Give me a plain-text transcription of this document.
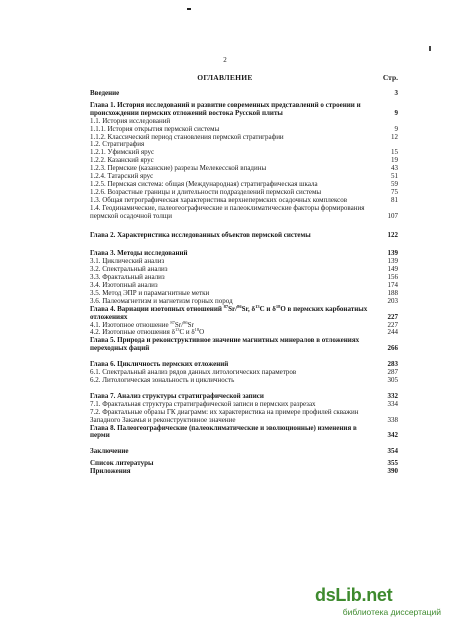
2
ОГЛАВЛЕНИЕ	Стр.
Введение	3
Глава 1. История исследований и развитие современных представлений о строении и происхождении пермских отложений востока Русской плиты	9
1.1. История исследований
1.1.1. История открытия пермской системы	9
1.1.2. Классический период становления пермской стратиграфии	12
1.2. Стратиграфия
1.2.1. Уфимский ярус	15
1.2.2. Казанский ярус	19
1.2.3. Пермские (казанские) разрезы Мелекесской впадины	43
1.2.4. Татарский ярус	51
1.2.5. Пермская система: общая (Международная) стратиграфическая шкала	59
1.2.6. Возрастные границы и длительности подразделений пермской системы	75
1.3. Общая петрографическая характеристика верхнепермских осадочных комплексов	81
1.4. Геодинамические, палеогеографические и палеоклиматические факторы формирования пермской осадочной толщи	107
Глава 2. Характеристика исследованных объектов пермской системы	122
Глава 3. Методы исследований	139
3.1. Циклический анализ	139
3.2. Спектральный анализ	149
3.3. Фрактальный анализ	156
3.4. Изотопный анализ	174
3.5. Метод ЭПР и парамагнитные метки	188
3.6. Палеомагнетизм и магнетизм горных пород	203
Глава 4. Вариации изотопных отношений $^{87}$Sr/$^{86}$Sr, $\delta^{13}C$ и $\delta^{18}O$ в пермских карбонатных отложениях	227
4.1. Изотопное отношение $^{87}$Sr/$^{86}$Sr	227
4.2. Изотопные отношения $\delta^{13}C$ и $\delta^{18}O$	244
Глава 5. Природа и реконструктивное значение магнитных минералов в отложениях переходных фаций	266
Глава 6. Цикличность пермских отложений	283
6.1. Спектральный анализ рядов данных литологических параметров	287
6.2. Литологическая зональность и цикличность	305
Глава 7. Анализ структуры стратиграфической записи	332
7.1. Фрактальная структура стратиграфической записи в пермских разрезах	334
7.2. Фрактальные образы ГК диаграмм: их характеристика на примере профилей скважин Западного Закамья и реконструктивное значение	338
Глава 8. Палеогеографические (палеоклиматические и эволюционные) изменения в перми	342
Заключение	354
Список литературы	355
Приложения	390
dsLib.net
библиотека диссертаций
